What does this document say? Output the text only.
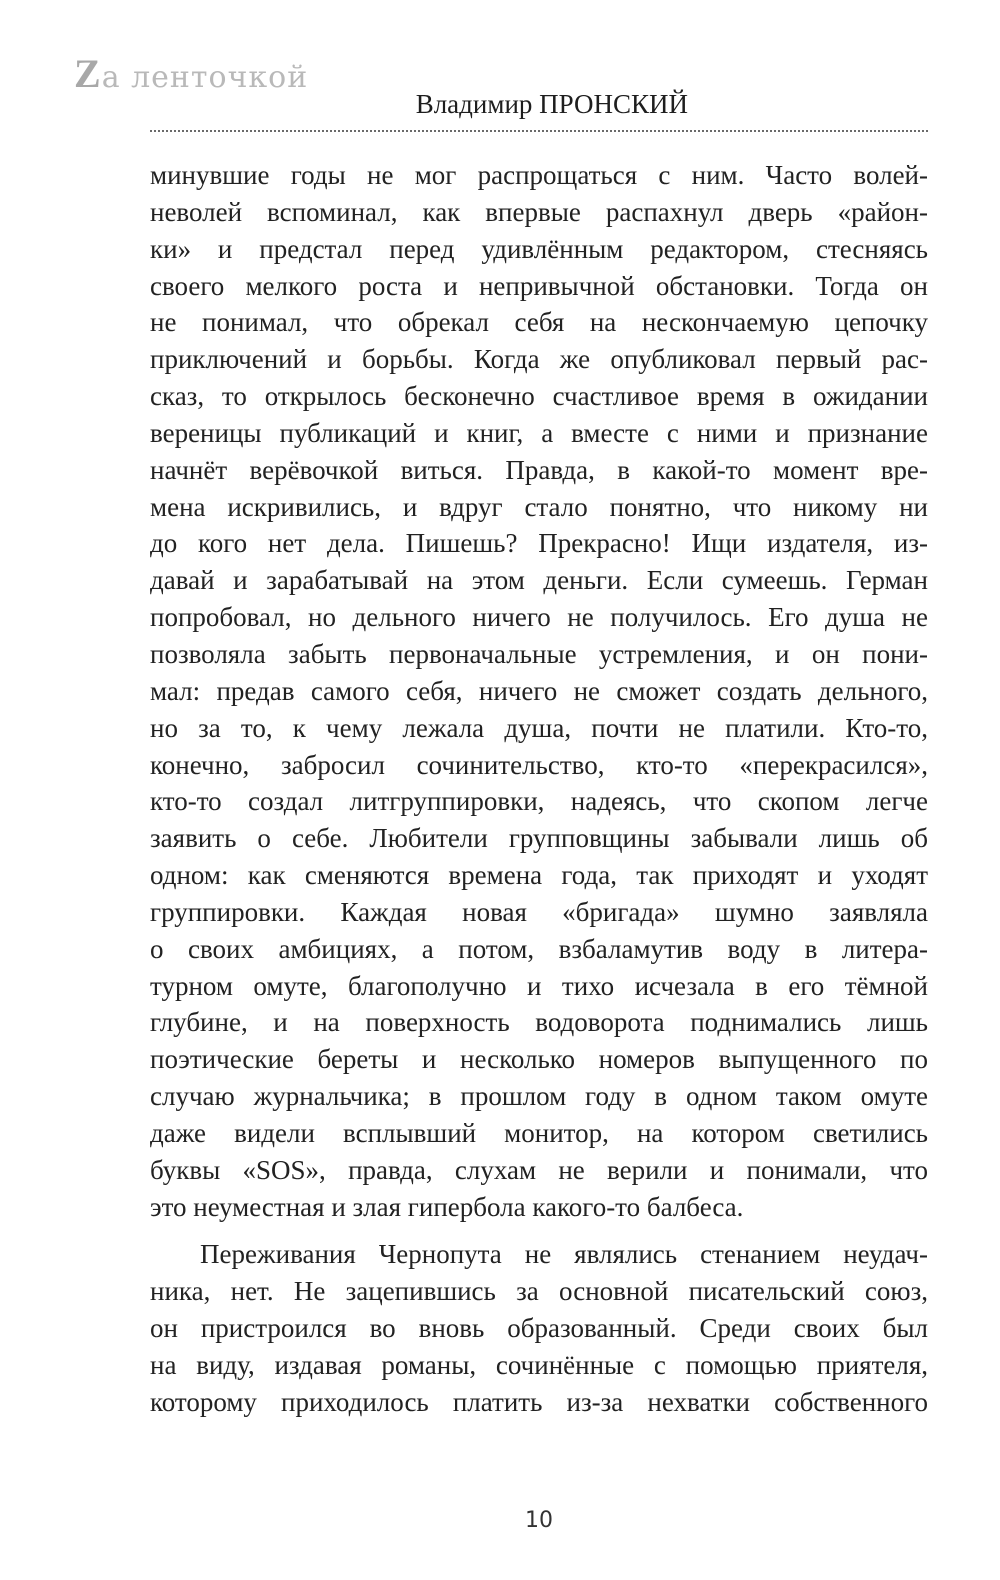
Zа ленточкой
Владимир ПРОНСКИЙ

минувшие годы не мог распрощаться с ним. Часто волей-
неволей вспоминал, как впервые распахнул дверь «район-
ки» и предстал перед удивлённым редактором, стесняясь
своего мелкого роста и непривычной обстановки. Тогда он
не понимал, что обрекал себя на нескончаемую цепочку
приключений и борьбы. Когда же опубликовал первый рас-
сказ, то открылось бесконечно счастливое время в ожидании
вереницы публикаций и книг, а вместе с ними и признание
начнёт верёвочкой виться. Правда, в какой-то момент вре-
мена искривились, и вдруг стало понятно, что никому ни
до кого нет дела. Пишешь? Прекрасно! Ищи издателя, из-
давай и зарабатывай на этом деньги. Если сумеешь. Герман
попробовал, но дельного ничего не получилось. Его душа не
позволяла забыть первоначальные устремления, и он пони-
мал: предав самого себя, ничего не сможет создать дельного,
но за то, к чему лежала душа, почти не платили. Кто-то,
конечно, забросил сочинительство, кто-то «перекрасился»,
кто-то создал литгруппировки, надеясь, что скопом легче
заявить о себе. Любители групповщины забывали лишь об
одном: как сменяются времена года, так приходят и уходят
группировки. Каждая новая «бригада» шумно заявляла
о своих амбициях, а потом, взбаламутив воду в литера-
турном омуте, благополучно и тихо исчезала в его тёмной
глубине, и на поверхность водоворота поднимались лишь
поэтические береты и несколько номеров выпущенного по
случаю журнальчика; в прошлом году в одном таком омуте
даже видели всплывший монитор, на котором светились
буквы «SOS», правда, слухам не верили и понимали, что
это неуместная и злая гипербола какого-то балбеса.

Переживания Чернопута не являлись стенанием неудач-
ника, нет. Не зацепившись за основной писательский союз,
он пристроился во вновь образованный. Среди своих был
на виду, издавая романы, сочинённые с помощью приятеля,
которому приходилось платить из-за нехватки собственного

10
